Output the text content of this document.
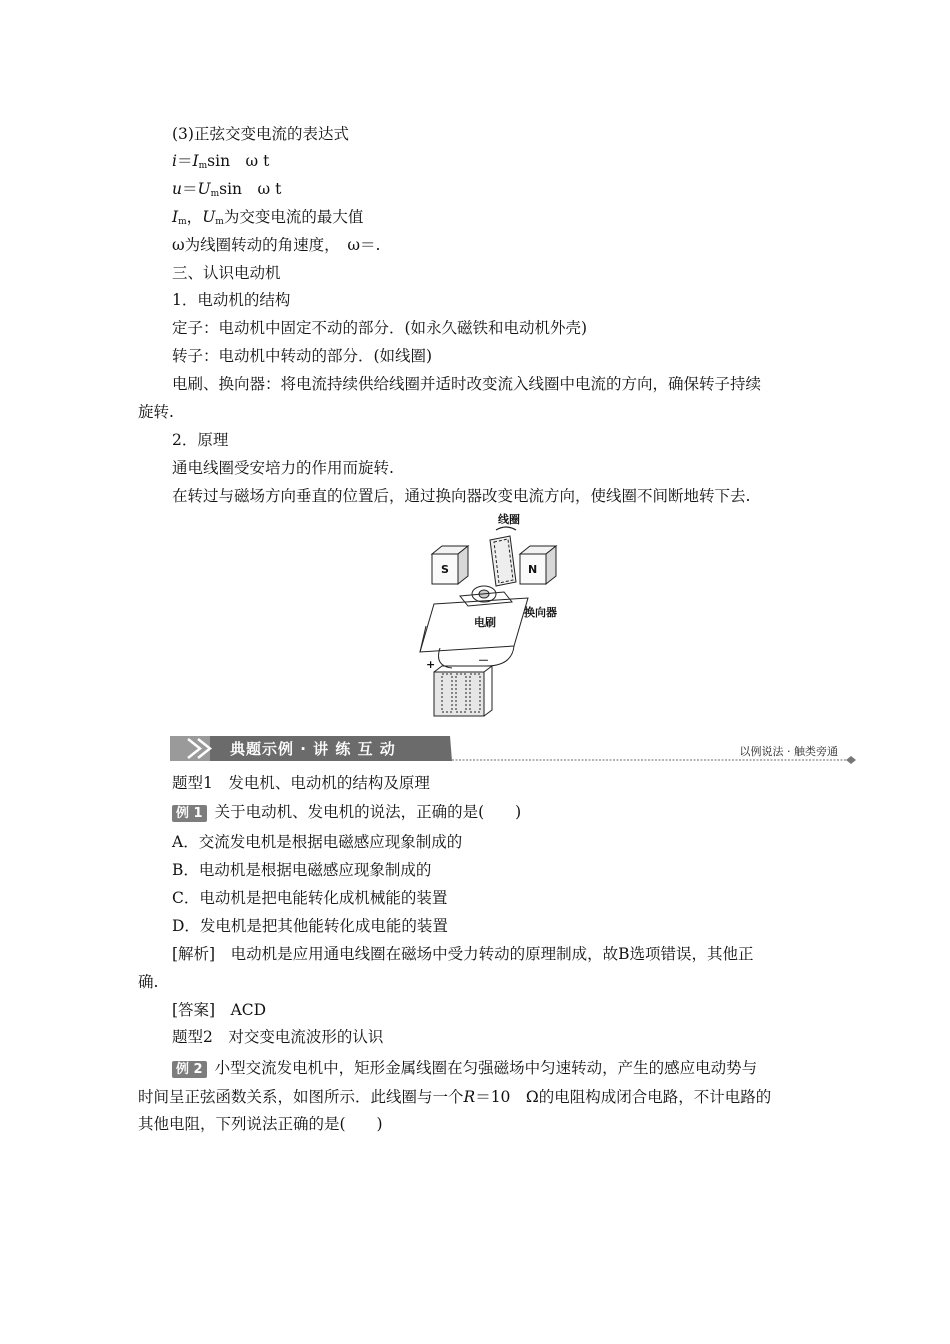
(3)正弦交变电流的表达式
$i=I_m\sin$　ω t
$u=U_m\sin$　ω t
$I_m$，$U_m$为交变电流的最大值
ω为线圈转动的角速度，　ω＝.
三、认识电动机
1．电动机的结构
定子：电动机中固定不动的部分．(如永久磁铁和电动机外壳)
转子：电动机中转动的部分．(如线圈)
电刷、换向器：将电流持续供给线圈并适时改变流入线圈中电流的方向，确保转子持续
旋转.
2．原理
通电线圈受安培力的作用而旋转.
在转过与磁场方向垂直的位置后，通过换向器改变电流方向，使线圈不间断地转下去.
线圈
S	N
换向器
电刷
+	－
典题示例 · 讲 练 互 动	以例说法 · 触类旁通
题型1　发电机、电动机的结构及原理
例 1 关于电动机、发电机的说法，正确的是(　　)
A．交流发电机是根据电磁感应现象制成的
B．电动机是根据电磁感应现象制成的
C．电动机是把电能转化成机械能的装置
D．发电机是把其他能转化成电能的装置
[解析]　电动机是应用通电线圈在磁场中受力转动的原理制成，故B选项错误，其他正
确.
[答案]　ACD
题型2　对交变电流波形的认识
例 2 小型交流发电机中，矩形金属线圈在匀强磁场中匀速转动，产生的感应电动势与
时间呈正弦函数关系，如图所示．此线圈与一个R＝10　Ω的电阻构成闭合电路，不计电路的
其他电阻，下列说法正确的是(　　)
